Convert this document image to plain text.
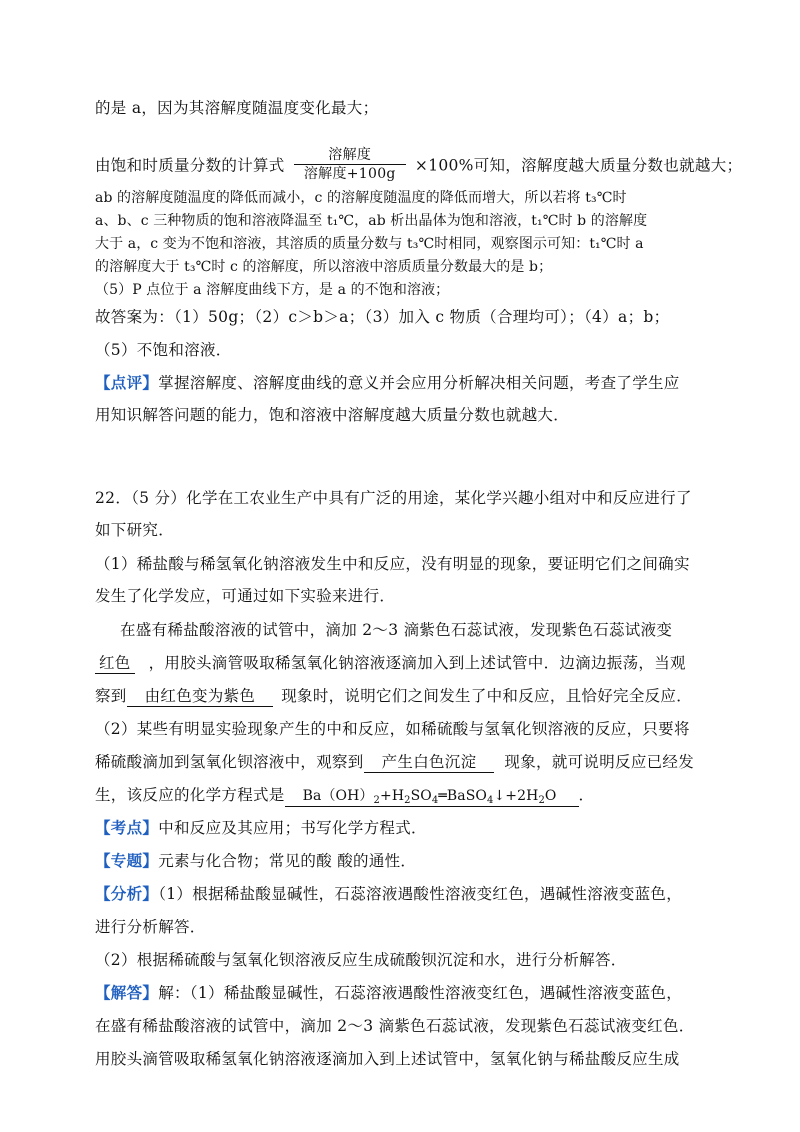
的是 a，因为其溶解度随温度变化最大；
由饱和时质量分数的计算式 $\frac{\text{溶解度}}{\text{溶解度+100g}} \times 100\%$可知，溶解度越大质量分数也就越大；
ab 的溶解度随温度的降低而减小，c 的溶解度随温度的降低而增大，所以若将 t₃℃时
a、b、c 三种物质的饱和溶液降温至 t₁℃，ab 析出晶体为饱和溶液，t₁℃时 b 的溶解度
大于 a，c 变为不饱和溶液，其溶质的质量分数与 t₃℃时相同，观察图示可知：t₁℃时 a
的溶解度大于 t₃℃时 c 的溶解度，所以溶液中溶质质量分数最大的是 b；
（5）P 点位于 a 溶解度曲线下方，是 a 的不饱和溶液；
故答案为：（1）50g；（2）c＞b＞a；（3）加入 c 物质（合理均可）；（4）a；b；
（5）不饱和溶液．
【点评】掌握溶解度、溶解度曲线的意义并会应用分析解决相关问题，考查了学生应
用知识解答问题的能力，饱和溶液中溶解度越大质量分数也就越大．
22．（5 分）化学在工农业生产中具有广泛的用途，某化学兴趣小组对中和反应进行了
如下研究．
（1）稀盐酸与稀氢氧化钠溶液发生中和反应，没有明显的现象，要证明它们之间确实
发生了化学发应，可通过如下实验来进行．
在盛有稀盐酸溶液的试管中，滴加 2～3 滴紫色石蕊试液，发现紫色石蕊试液变
红色 ，用胶头滴管吸取稀氢氧化钠溶液逐滴加入到上述试管中．边滴边振荡，当观
察到 由红色变为紫色 现象时，说明它们之间发生了中和反应，且恰好完全反应．
（2）某些有明显实验现象产生的中和反应，如稀硫酸与氢氧化钡溶液的反应，只要将
稀硫酸滴加到氢氧化钡溶液中，观察到 产生白色沉淀 现象，就可说明反应已经发
生，该反应的化学方程式是 $Ba(OH)_2+H_2SO_4═BaSO_4↓+2H_2O$ ．
【考点】中和反应及其应用；书写化学方程式．
【专题】元素与化合物；常见的酸 酸的通性．
【分析】（1）根据稀盐酸显碱性，石蕊溶液遇酸性溶液变红色，遇碱性溶液变蓝色，
进行分析解答．
（2）根据稀硫酸与氢氧化钡溶液反应生成硫酸钡沉淀和水，进行分析解答．
【解答】解：（1）稀盐酸显碱性，石蕊溶液遇酸性溶液变红色，遇碱性溶液变蓝色，
在盛有稀盐酸溶液的试管中，滴加 2～3 滴紫色石蕊试液，发现紫色石蕊试液变红色．
用胶头滴管吸取稀氢氧化钠溶液逐滴加入到上述试管中，氢氧化钠与稀盐酸反应生成
